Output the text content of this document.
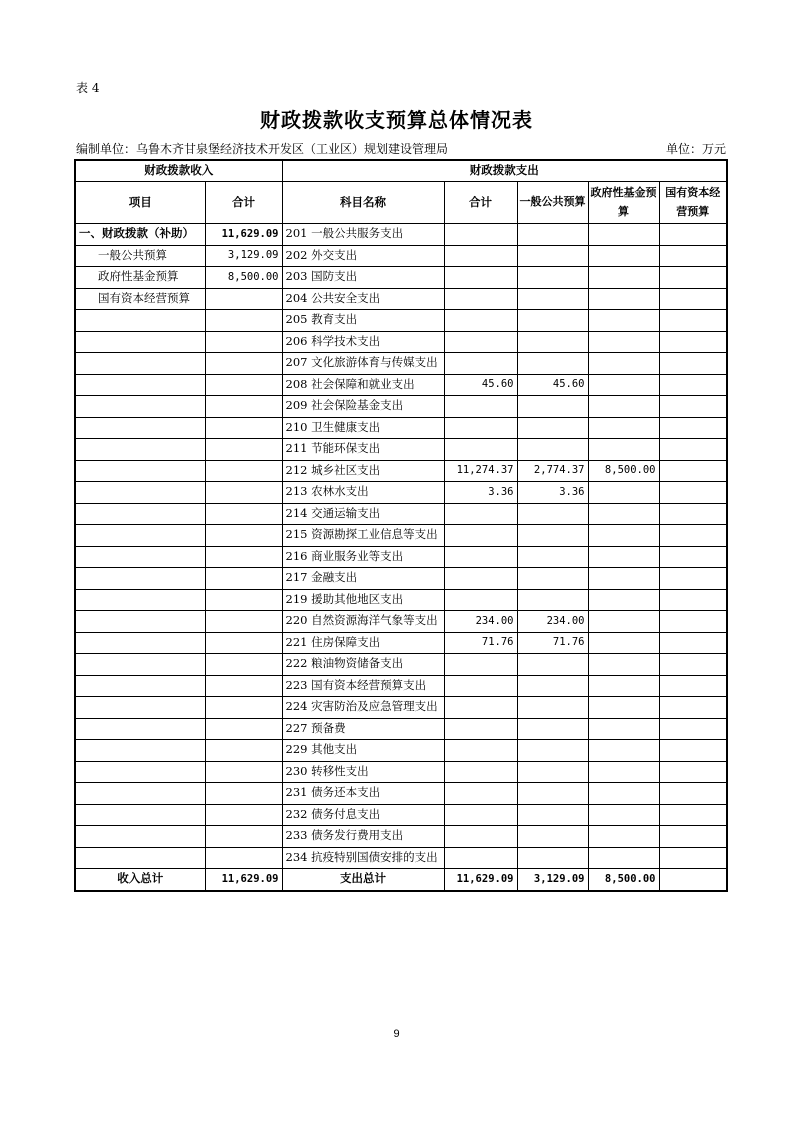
表 4
财政拨款收支预算总体情况表
编制单位：乌鲁木齐甘泉堡经济技术开发区（工业区）规划建设管理局	单位：万元
财政拨款收入		财政拨款支出				
项目	合计	科目名称	合计	一般公共预算	政府性基金预算	国有资本经营预算
一、财政拨款（补助）	11,629.09	201 一般公共服务支出				
一般公共预算	3,129.09	202 外交支出				
政府性基金预算	8,500.00	203 国防支出				
国有资本经营预算		204 公共安全支出				
		205 教育支出				
		206 科学技术支出				
		207 文化旅游体育与传媒支出				
		208 社会保障和就业支出	45.60	45.60		
		209 社会保险基金支出				
		210 卫生健康支出				
		211 节能环保支出				
		212 城乡社区支出	11,274.37	2,774.37	8,500.00	
		213 农林水支出	3.36	3.36		
		214 交通运输支出				
		215 资源勘探工业信息等支出				
		216 商业服务业等支出				
		217 金融支出				
		219 援助其他地区支出				
		220 自然资源海洋气象等支出	234.00	234.00		
		221 住房保障支出	71.76	71.76		
		222 粮油物资储备支出				
		223 国有资本经营预算支出				
		224 灾害防治及应急管理支出				
		227 预备费				
		229 其他支出				
		230 转移性支出				
		231 债务还本支出				
		232 债务付息支出				
		233 债务发行费用支出				
		234 抗疫特别国债安排的支出				
收入总计	11,629.09	支出总计	11,629.09	3,129.09	8,500.00	
9
